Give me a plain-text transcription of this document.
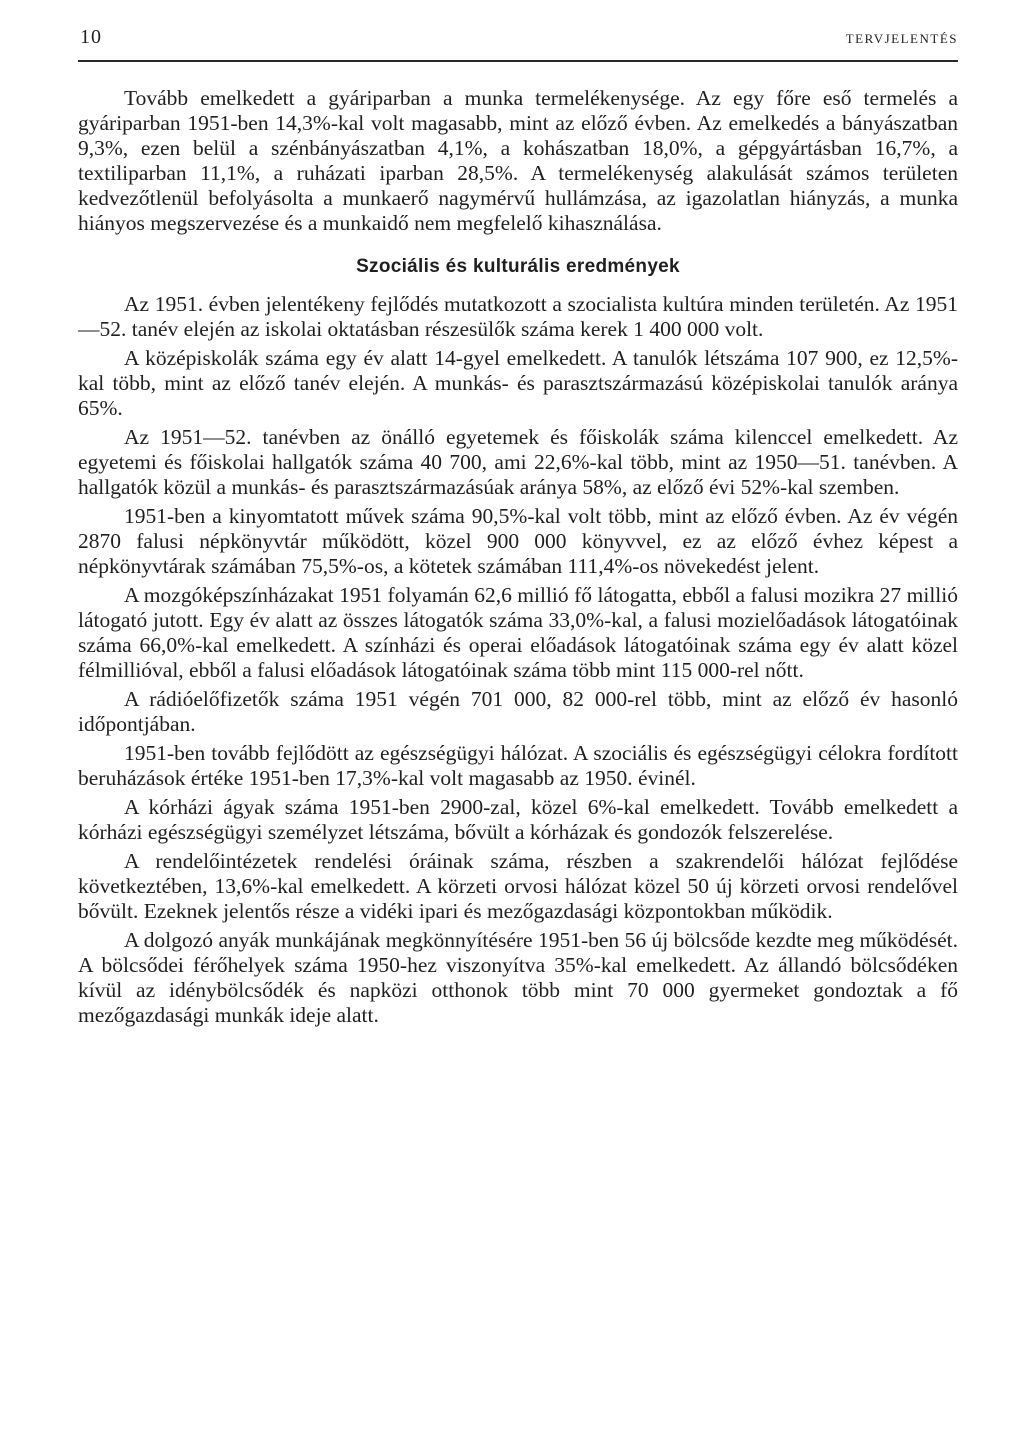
10	TERVJELENTÉS

Tovább emelkedett a gyáriparban a munka termelékenysége. Az egy főre eső termelés a gyáriparban 1951-ben 14,3%-kal volt magasabb, mint az előző évben. Az emelkedés a bányászatban 9,3%, ezen belül a szénbányászatban 4,1%, a kohászatban 18,0%, a gépgyártásban 16,7%, a textiliparban 11,1%, a ruházati iparban 28,5%. A termelékenység alakulását számos területen kedvezőtlenül befolyásolta a munkaerő nagymérvű hullámzása, az igazolatlan hiányzás, a munka hiányos megszervezése és a munkaidő nem megfelelő kihasználása.

Szociális és kulturális eredmények

Az 1951. évben jelentékeny fejlődés mutatkozott a szocialista kultúra minden területén. Az 1951—52. tanév elején az iskolai oktatásban részesülők száma kerek 1 400 000 volt.

A középiskolák száma egy év alatt 14-gyel emelkedett. A tanulók létszáma 107 900, ez 12,5%-kal több, mint az előző tanév elején. A munkás- és parasztszármazású középiskolai tanulók aránya 65%.

Az 1951—52. tanévben az önálló egyetemek és főiskolák száma kilenccel emelkedett. Az egyetemi és főiskolai hallgatók száma 40 700, ami 22,6%-kal több, mint az 1950—51. tanévben. A hallgatók közül a munkás- és parasztszármazásúak aránya 58%, az előző évi 52%-kal szemben.

1951-ben a kinyomtatott művek száma 90,5%-kal volt több, mint az előző évben. Az év végén 2870 falusi népkönyvtár működött, közel 900 000 könyvvel, ez az előző évhez képest a népkönyvtárak számában 75,5%-os, a kötetek számában 111,4%-os növekedést jelent.

A mozgóképszínházakat 1951 folyamán 62,6 millió fő látogatta, ebből a falusi mozikra 27 millió látogató jutott. Egy év alatt az összes látogatók száma 33,0%-kal, a falusi mozielőadások látogatóinak száma 66,0%-kal emelkedett. A színházi és operai előadások látogatóinak száma egy év alatt közel félmillióval, ebből a falusi előadások látogatóinak száma több mint 115 000-rel nőtt.

A rádióelőfizetők száma 1951 végén 701 000, 82 000-rel több, mint az előző év hasonló időpontjában.

1951-ben tovább fejlődött az egészségügyi hálózat. A szociális és egészségügyi célokra fordított beruházások értéke 1951-ben 17,3%-kal volt magasabb az 1950. évinél.

A kórházi ágyak száma 1951-ben 2900-zal, közel 6%-kal emelkedett. Tovább emelkedett a kórházi egészségügyi személyzet létszáma, bővült a kórházak és gondozók felszerelése.

A rendelőintézetek rendelési óráinak száma, részben a szakrendelői hálózat fejlődése következtében, 13,6%-kal emelkedett. A körzeti orvosi hálózat közel 50 új körzeti orvosi rendelővel bővült. Ezeknek jelentős része a vidéki ipari és mezőgazdasági központokban működik.

A dolgozó anyák munkájának megkönnyítésére 1951-ben 56 új bölcsőde kezdte meg működését. A bölcsődei férőhelyek száma 1950-hez viszonyítva 35%-kal emelkedett. Az állandó bölcsődéken kívül az idénybölcsődék és napközi otthonok több mint 70 000 gyermeket gondoztak a fő mezőgazdasági munkák ideje alatt.
